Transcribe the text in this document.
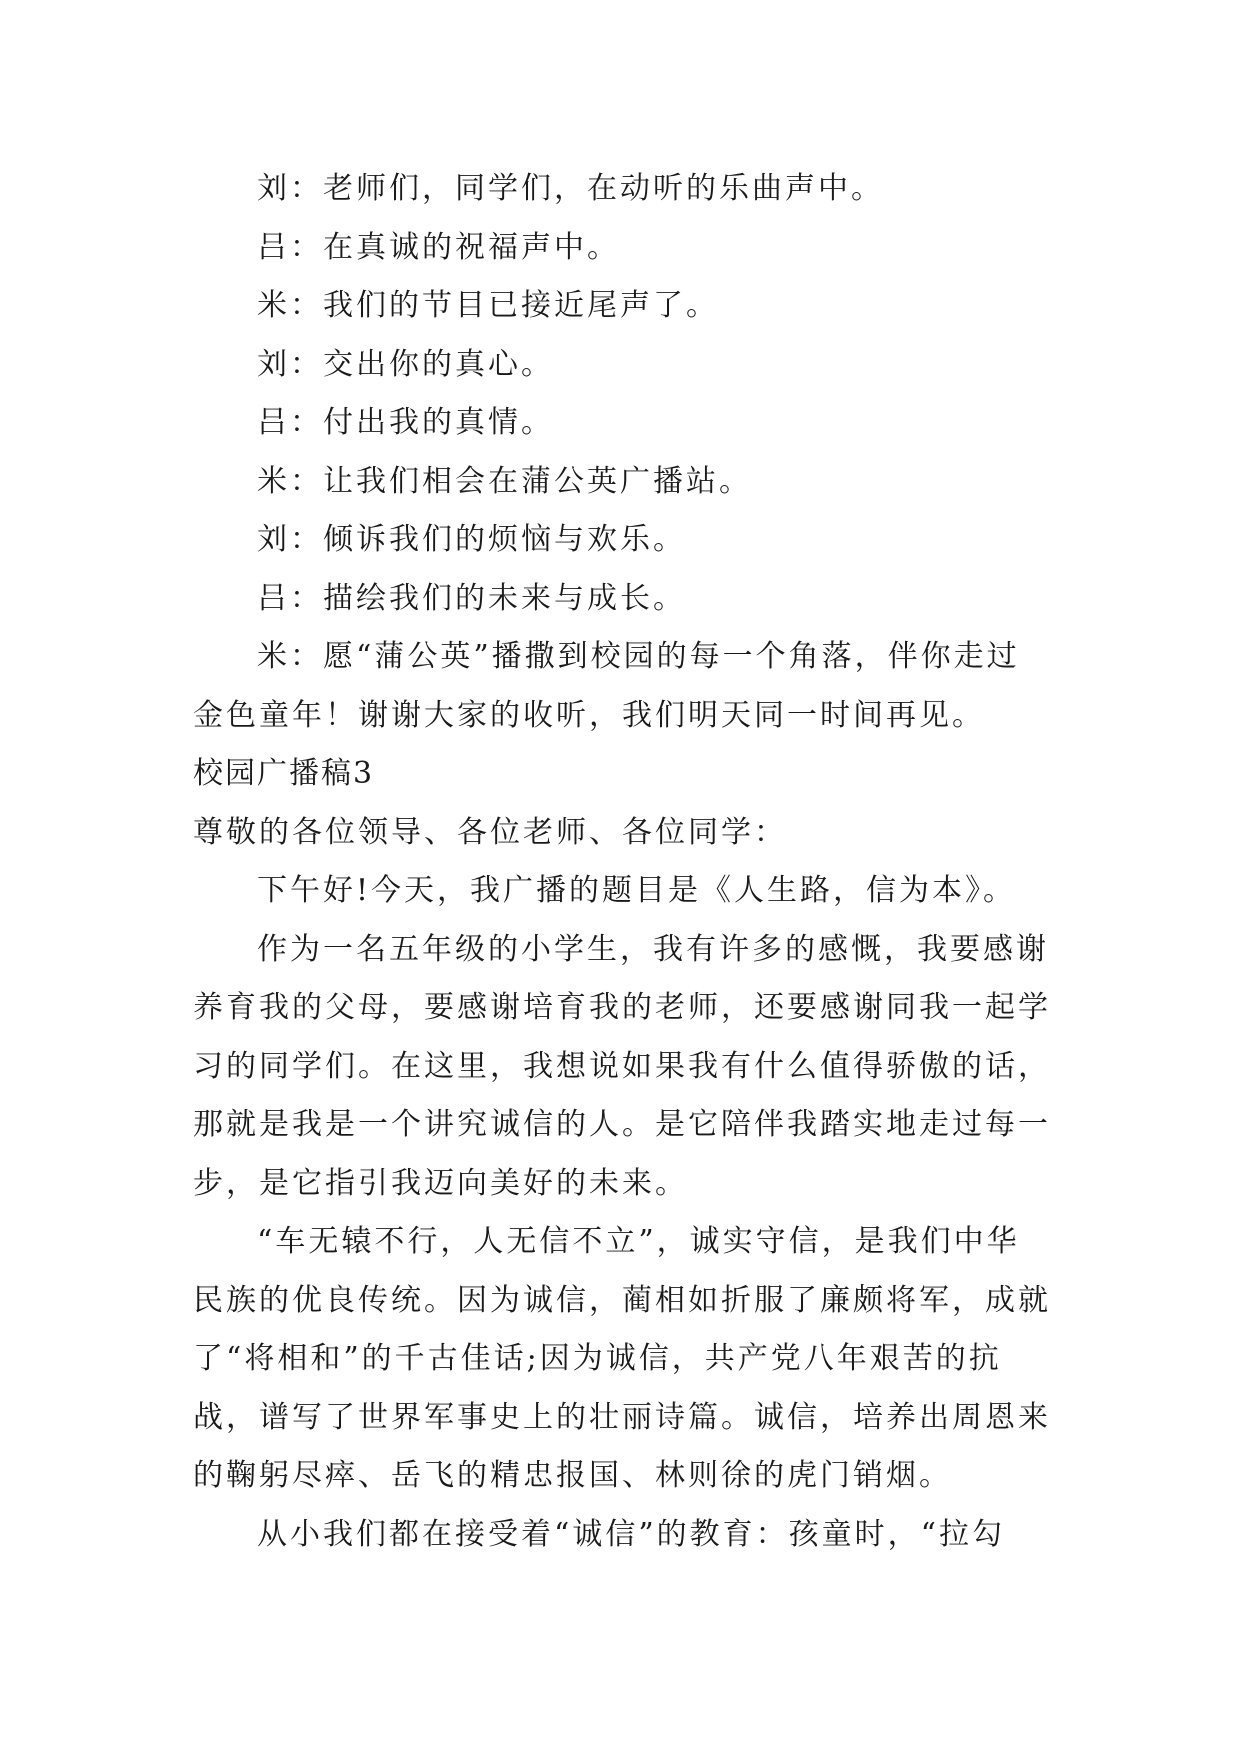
刘：老师们，同学们，在动听的乐曲声中。
吕：在真诚的祝福声中。
米：我们的节目已接近尾声了。
刘：交出你的真心。
吕：付出我的真情。
米：让我们相会在蒲公英广播站。
刘：倾诉我们的烦恼与欢乐。
吕：描绘我们的未来与成长。
米：愿“蒲公英”播撒到校园的每一个角落，伴你走过
金色童年！谢谢大家的收听，我们明天同一时间再见。
校园广播稿3
尊敬的各位领导、各位老师、各位同学：
下午好!今天，我广播的题目是《人生路，信为本》。
作为一名五年级的小学生，我有许多的感慨，我要感谢
养育我的父母，要感谢培育我的老师，还要感谢同我一起学
习的同学们。在这里，我想说如果我有什么值得骄傲的话，
那就是我是一个讲究诚信的人。是它陪伴我踏实地走过每一
步，是它指引我迈向美好的未来。
“车无辕不行，人无信不立”，诚实守信，是我们中华
民族的优良传统。因为诚信，蔺相如折服了廉颇将军，成就
了“将相和”的千古佳话;因为诚信，共产党八年艰苦的抗
战，谱写了世界军事史上的壮丽诗篇。诚信，培养出周恩来
的鞠躬尽瘁、岳飞的精忠报国、林则徐的虎门销烟。
从小我们都在接受着“诚信”的教育：孩童时，“拉勾
